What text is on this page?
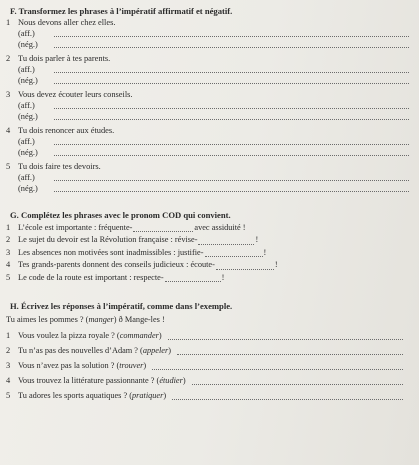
F. Transformez les phrases à l’impératif affirmatif et négatif.
1 Nous devons aller chez elles.
(aff.)
(nég.)
2 Tu dois parler à tes parents.
(aff.)
(nég.)
3 Vous devez écouter leurs conseils.
(aff.)
(nég.)
4 Tu dois renoncer aux études.
(aff.)
(nég.)
5 Tu dois faire tes devoirs.
(aff.)
(nég.)
G. Complétez les phrases avec le pronom COD qui convient.
1 L’école est importante : fréquente-	avec assiduité !
2 Le sujet du devoir est la Révolution française : révise-	!
3 Les absences non motivées sont inadmissibles : justifie-	!
4 Tes grands-parents donnent des conseils judicieux : écoute-	!
5 Le code de la route est important : respecte-	!
H. Écrivez les réponses à l’impératif, comme dans l’exemple.
Tu aimes les pommes ? ( manger ) ð Mange-les !
1 Vous voulez la pizza royale ? ( commander )
2 Tu n’as pas des nouvelles d’Adam ? ( appeler )
3 Vous n’avez pas la solution ? ( trouver )
4 Vous trouvez la littérature passionnante ? ( étudier )
5 Tu adores les sports aquatiques ? ( pratiquer )
